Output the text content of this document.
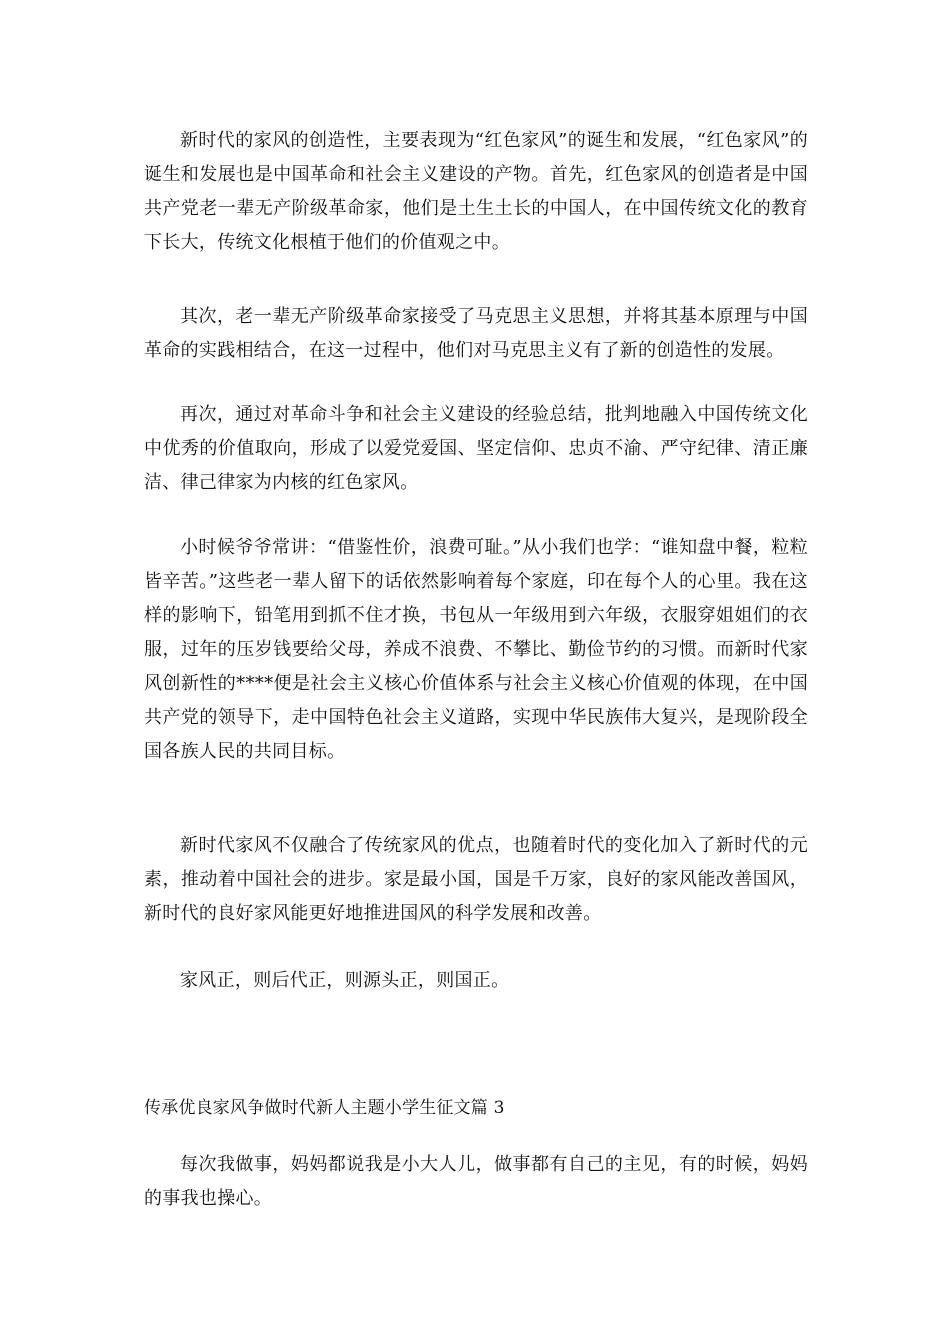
新时代的家风的创造性，主要表现为“红色家风”的诞生和发展，“红色家风”的诞生和发展也是中国革命和社会主义建设的产物。首先，红色家风的创造者是中国共产党老一辈无产阶级革命家，他们是土生土长的中国人，在中国传统文化的教育下长大，传统文化根植于他们的价值观之中。

其次，老一辈无产阶级革命家接受了马克思主义思想，并将其基本原理与中国革命的实践相结合，在这一过程中，他们对马克思主义有了新的创造性的发展。

再次，通过对革命斗争和社会主义建设的经验总结，批判地融入中国传统文化中优秀的价值取向，形成了以爱党爱国、坚定信仰、忠贞不渝、严守纪律、清正廉洁、律己律家为内核的红色家风。

小时候爷爷常讲：“借鉴性价，浪费可耻。”从小我们也学：“谁知盘中餐，粒粒皆辛苦。”这些老一辈人留下的话依然影响着每个家庭，印在每个人的心里。我在这样的影响下，铅笔用到抓不住才换，书包从一年级用到六年级，衣服穿姐姐们的衣服，过年的压岁钱要给父母，养成不浪费、不攀比、勤俭节约的习惯。而新时代家风创新性的****便是社会主义核心价值体系与社会主义核心价值观的体现，在中国共产党的领导下，走中国特色社会主义道路，实现中华民族伟大复兴，是现阶段全国各族人民的共同目标。

新时代家风不仅融合了传统家风的优点，也随着时代的变化加入了新时代的元素，推动着中国社会的进步。家是最小国，国是千万家，良好的家风能改善国风，新时代的良好家风能更好地推进国风的科学发展和改善。

家风正，则后代正，则源头正，则国正。

传承优良家风争做时代新人主题小学生征文篇 3

每次我做事，妈妈都说我是小大人儿，做事都有自己的主见，有的时候，妈妈的事我也操心。
